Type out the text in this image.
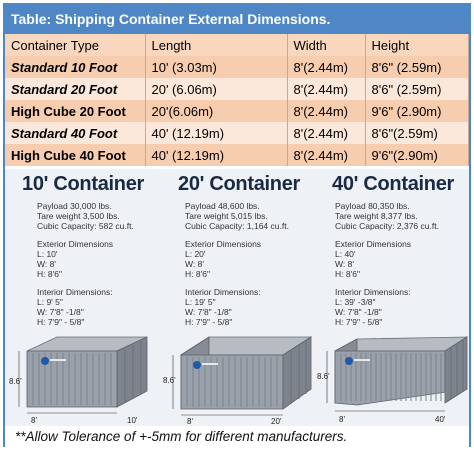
Table: Shipping Container External Dimensions.
Container Type	Length	Width	Height
Standard 10 Foot	10' (3.03m)	8'(2.44m)	8'6" (2.59m)
Standard 20 Foot	20' (6.06m)	8'(2.44m)	8'6" (2.59m)
High Cube 20 Foot	20'(6.06m)	8'(2.44m)	9'6" (2.90m)
Standard 40 Foot	40' (12.19m)	8'(2.44m)	8'6"(2.59m)
High Cube 40 Foot	40' (12.19m)	8'(2.44m)	9'6"(2.90m)
10' Container
Payload 30,000 lbs.
Tare weight 3,500 lbs.
Cubic Capacity: 582 cu.ft.
Exterior Dimensions
L: 10'
W: 8'
H: 8'6"
Interior Dimensions:
L: 9' 5"
W: 7'8" -1/8"
H: 7'9" - 5/8"
8.6'
8'	10'
20' Container
Payload 48,600 lbs.
Tare weight 5,015 lbs.
Cubic Capacity: 1,164 cu.ft.
Exterior Dimensions
L: 20'
W: 8'
H: 8'6"
Interior Dimensions:
L: 19' 5"
W: 7'8" -1/8"
H: 7'9" - 5/8"
8.6'
8'	20'
40' Container
Payload 80,350 lbs.
Tare weight 8,377 lbs.
Cubic Capacity: 2,376 cu.ft.
Exterior Dimensions
L: 40'
W: 8'
H: 8'6"
Interior Dimensions:
L: 39' -3/8"
W: 7'8" -1/8"
H: 7'9" - 5/8"
8.6'
8'	40'
**Allow Tolerance of +-5mm for different manufacturers.
